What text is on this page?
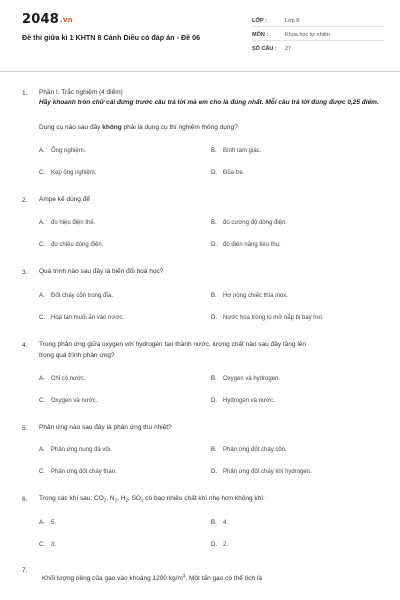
2048.vn
Đề thi giữa kì 1 KHTN 8 Cánh Diều có đáp án - Đề 06
LỚP :	Lớp 8
MÔN :	Khoa học tự nhiên
SỐ CÂU : 27
1. Phần I. Trắc nghiệm (4 điểm)
Hãy khoanh tròn chữ cái đứng trước câu trả lời mà em cho là đúng nhất. Mỗi câu trả lời đúng được 0,25 điểm.
Dụng cụ nào sau đây không phải là dụng cụ thí nghiệm thông dụng?
A. Ống nghiệm.	B. Bình tam giác.
C. Kẹp ống nghiệm.	D. Đũa tre.
2. Ampe kế dùng để
A. đo hiệu điện thế.	B. đo cường độ dòng điện.
C. đo chiều dòng điện.	D. đo điện năng tiêu thụ.
3. Quá trình nào sau đây là biến đổi hoá học?
A. Đốt cháy cồn trong đĩa.	B. Hơ nóng chiếc thìa inox.
C. Hoà tan muối ăn vào nước.	D. Nước hoa trong lọ mở nắp bị bay hơi.
4. Trong phản ứng giữa oxygen với hydrogen tạo thành nước, lượng chất nào sau đây tăng lên
trong quá trình phản ứng?
A. Chỉ có nước.	B. Oxygen và hydrogen.
C. Oxygen và nước.	D. Hydrogen và nước.
5. Phản ứng nào sau đây là phản ứng thu nhiệt?
A. Phản ứng nung đá vôi.	B. Phản ứng đốt cháy cồn.
C. Phản ứng đốt cháy than.	D. Phản ứng đốt cháy khí hydrogen.
6. Trong các khí sau: $CO_2$, $N_2$, $H_2$, $SO_2$ có bao nhiêu chất khí nhẹ hơn không khí:
A. 5.	B. 4.
C. 3.	D. 2.
7.
Khối lượng riêng của gạo vào khoảng 1200 $kg/m^3$. Một tấn gạo có thể tích là
